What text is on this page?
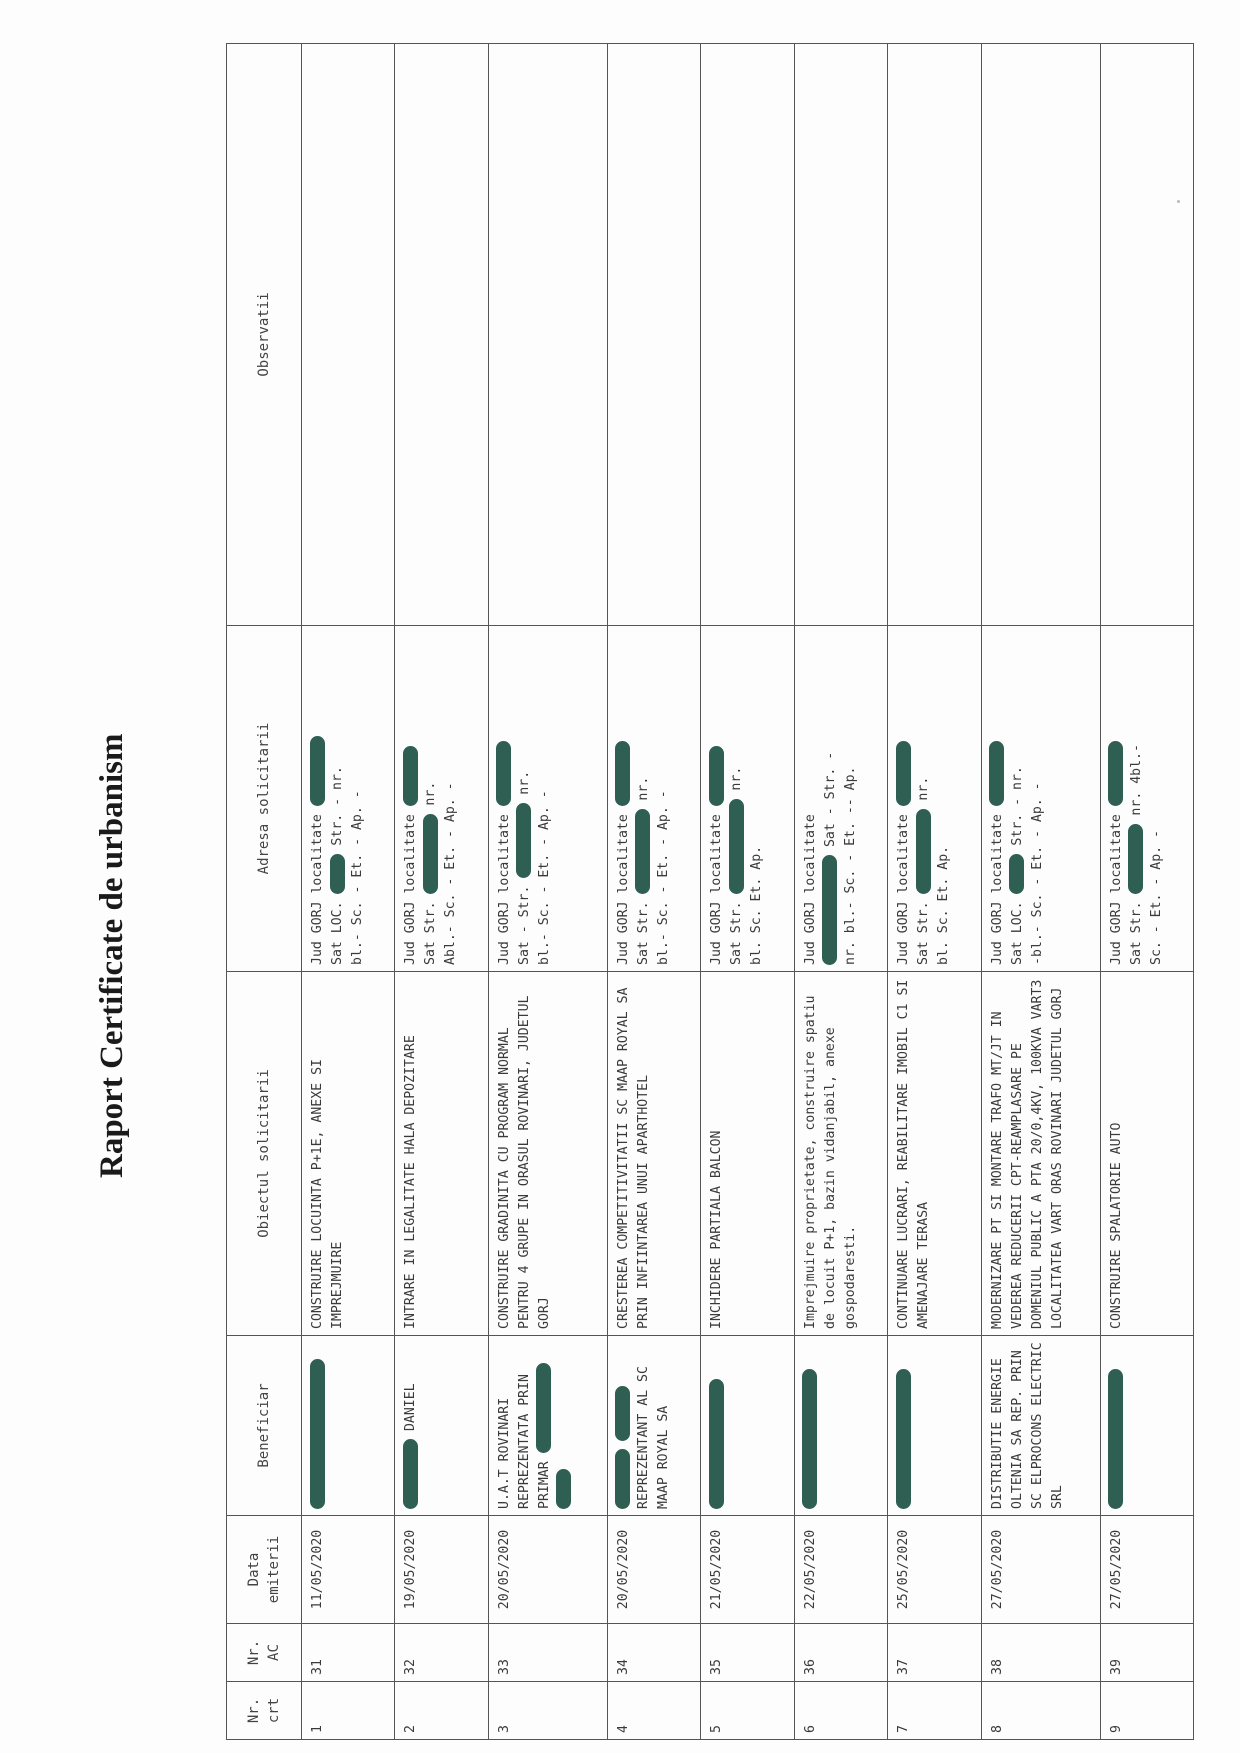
Raport Certificate de urbanism
Nr. crt	Nr. AC	Data emiterii	Beneficiar	Obiectul solicitarii	Adresa solicitarii	Observatii
1	31	11/05/2020		CONSTRUIRE LOCUINTA P+1E, ANEXE SI IMPREJMUIRE	Jud GORJ localitate Sat LOC.  Str. - nr. bl.- Sc. - Et. - Ap. -	

2	32	19/05/2020	DANIEL	INTRARE IN LEGALITATE HALA DEPOZITARE	Jud GORJ localitate Sat Str.  nr. Abl.- Sc. - Et. - Ap. -	

3	33	20/05/2020	U.A.T ROVINARI REPREZENTATA PRIN PRIMAR	CONSTRUIRE GRADINITA CU PROGRAM NORMAL PENTRU 4 GRUPE IN ORASUL ROVINARI, JUDETUL GORJ	Jud GORJ localitate Sat - Str.  nr.
bl.- Sc. - Et. - Ap. -	

4	34	20/05/2020	REPREZENTANT AL SC MAAP ROYAL SA	CRESTEREA COMPETITIVITATII SC MAAP ROYAL SA PRIN INFIINTAREA UNUI APARTHOTEL	Jud GORJ localitate Sat Str.  nr.
bl.- Sc. - Et. - Ap. -	

5	35	21/05/2020		INCHIDERE PARTIALA BALCON	Jud GORJ localitate Sat Str.  nr.
bl. Sc. Et. Ap.	

6	36	22/05/2020		Imprejmuire proprietate, construire spatiu de locuit P+1, bazin vidanjabil, anexe gospodaresti.	Jud GORJ localitate
Sat - Str. - nr. bl.- Sc. - Et. -- Ap.	

7	37	25/05/2020		CONTINUARE LUCRARI, REABILITARE IMOBIL C1 SI AMENAJARE TERASA	Jud GORJ localitate Sat Str.  nr.
bl. Sc. Et. Ap.	

8	38	27/05/2020	DISTRIBUTIE ENERGIE OLTENIA SA REP. PRIN SC ELPROCONS ELECTRIC SRL	MODERNIZARE PT SI MONTARE TRAFO MT/JT IN VEDEREA REDUCERII CPT-REAMPLASARE PE DOMENIUL PUBLIC A PTA 20/0,4KV, 100KVA VART3 LOCALITATEA VART ORAS ROVINARI JUDETUL GORJ	Jud GORJ localitate Sat LOC.  Str. - nr. -bl.- Sc. - Et. - Ap. -	

9	39	27/05/2020		CONSTRUIRE SPALATORIE AUTO	Jud GORJ localitate Sat Str.  nr. 4bl.-
Sc. - Et. - Ap. -	
